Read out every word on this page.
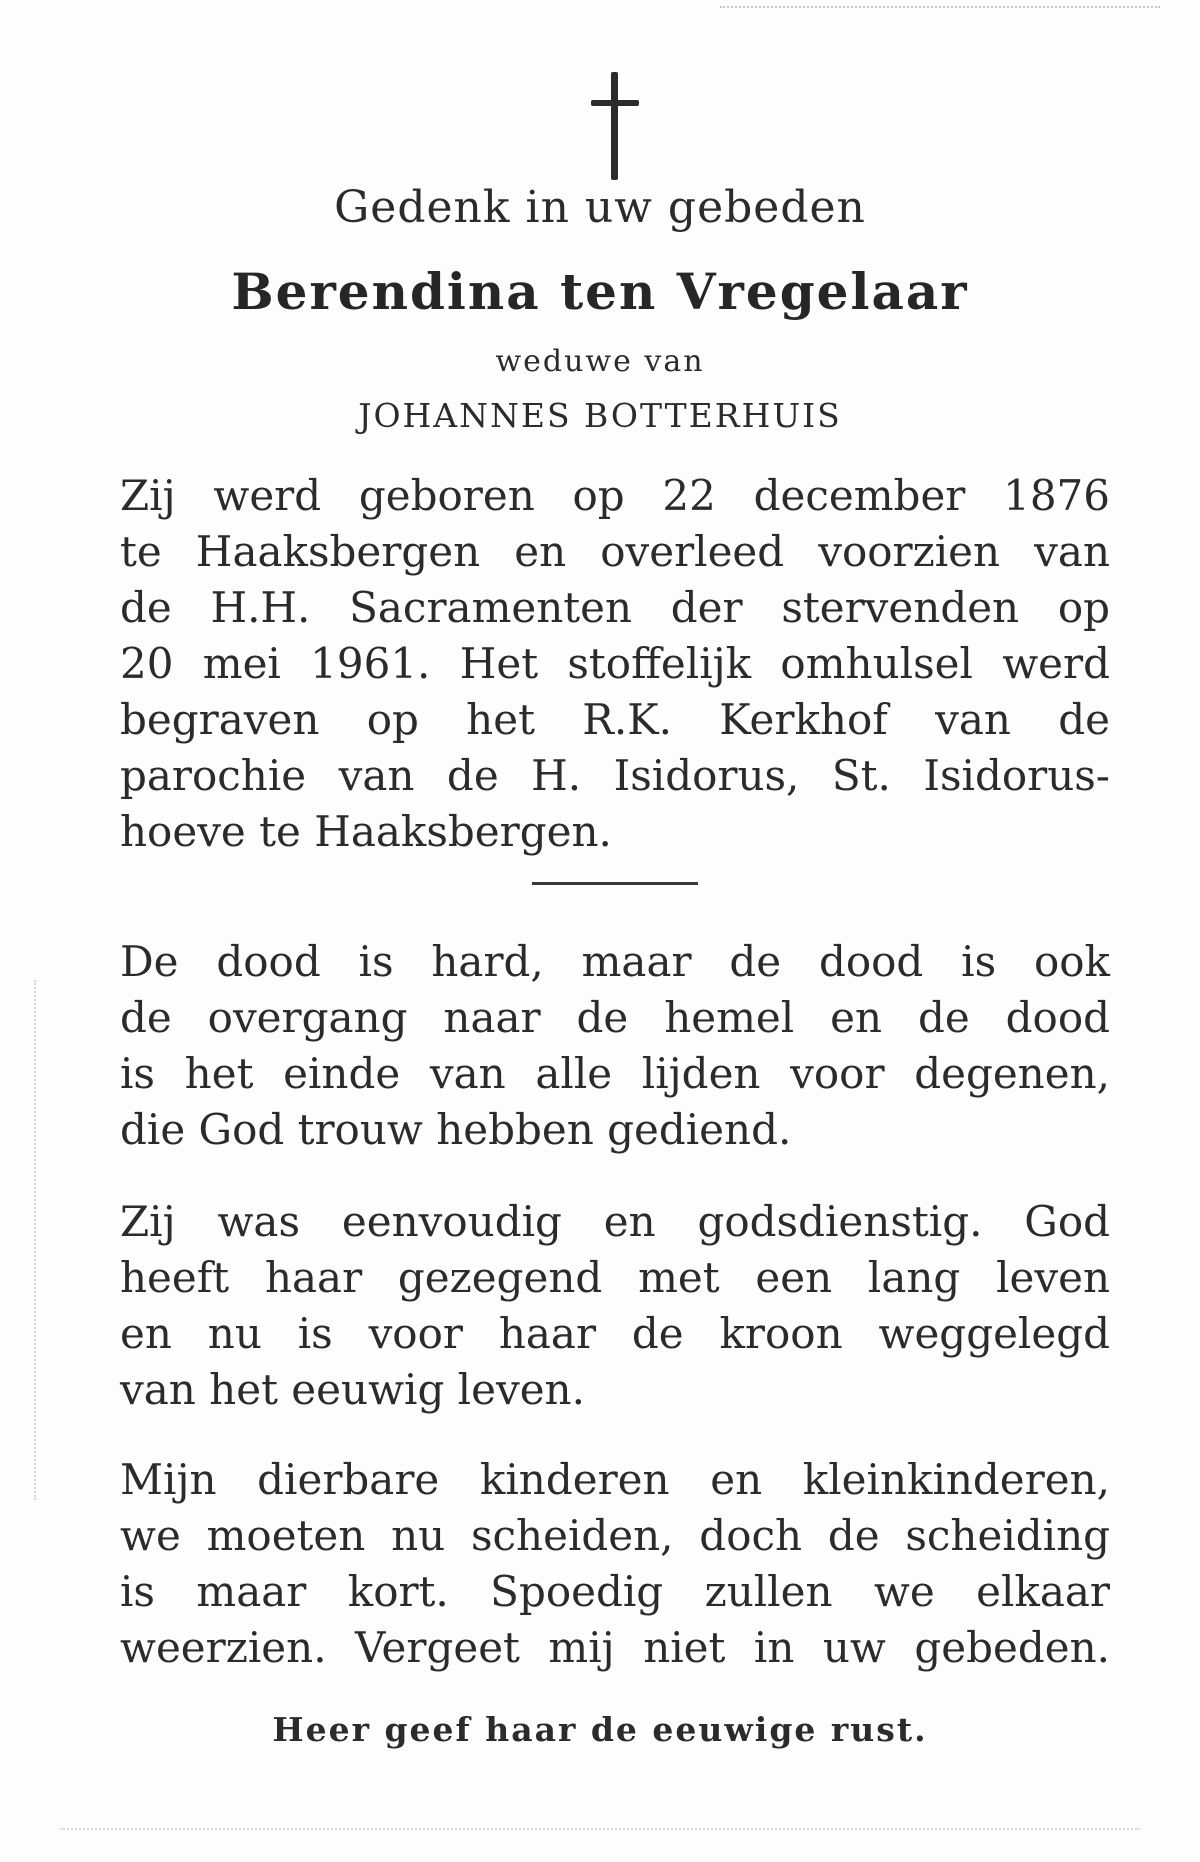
Gedenk in uw gebeden
Berendina ten Vregelaar
weduwe van
JOHANNES BOTTERHUIS
Zij werd geboren op 22 december 1876
te Haaksbergen en overleed voorzien van
de H.H. Sacramenten der stervenden op
20 mei 1961. Het stoffelijk omhulsel werd
begraven op het R.K. Kerkhof van de
parochie van de H. Isidorus, St. Isidorus-
hoeve te Haaksbergen.
De dood is hard, maar de dood is ook
de overgang naar de hemel en de dood
is het einde van alle lijden voor degenen,
die God trouw hebben gediend.
Zij was eenvoudig en godsdienstig. God
heeft haar gezegend met een lang leven
en nu is voor haar de kroon weggelegd
van het eeuwig leven.
Mijn dierbare kinderen en kleinkinderen,
we moeten nu scheiden, doch de scheiding
is maar kort. Spoedig zullen we elkaar
weerzien. Vergeet mij niet in uw gebeden.
Heer geef haar de eeuwige rust.
